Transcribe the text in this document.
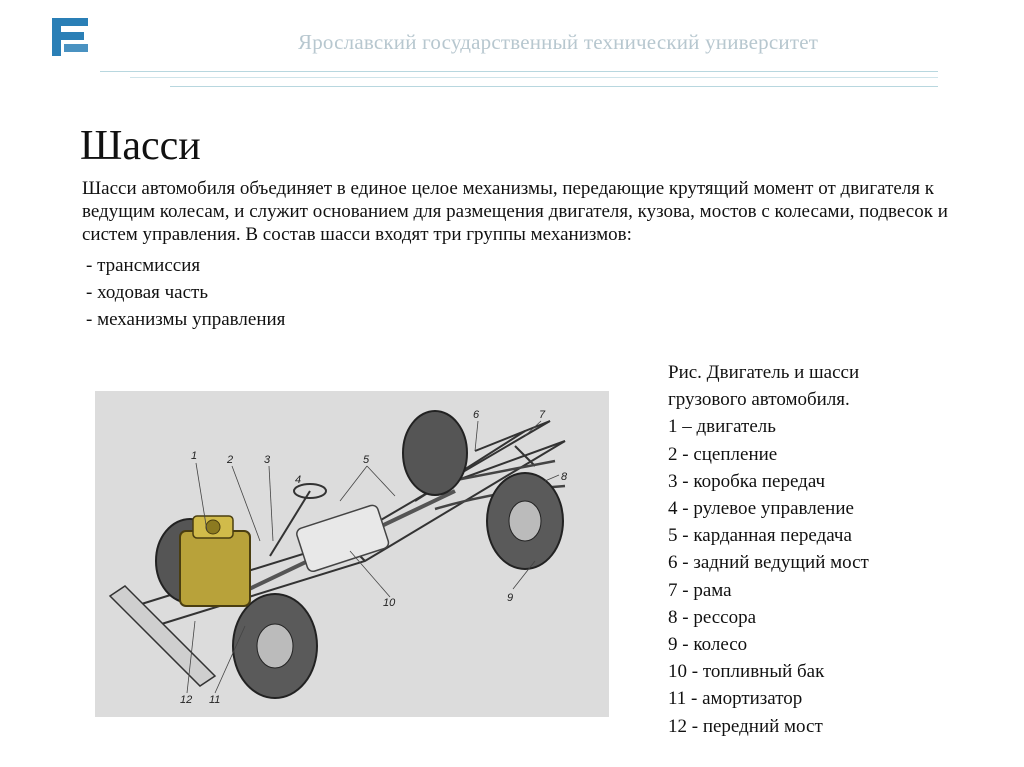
Ярославский государственный технический университет
Шасси

Шасси автомобиля объединяет в единое целое механизмы, передающие крутящий момент от двигателя к ведущим колесам, и служит основанием для размещения двигателя, кузова, мостов с колесами, подвесок и систем управления. В состав шасси входят три группы механизмов:

- трансмиссия
- ходовая часть
- механизмы управления
1	2	3
4
5
6	7
8
9
10
11
12
Рис. Двигатель и шасси
грузового автомобиля.
1 – двигатель
2 - сцепление
3 - коробка передач
4 - рулевое управление
5 - карданная передача
6 - задний ведущий мост
7 - рама
8 - рессора
9 - колесо
10 - топливный бак
11 - амортизатор
12 - передний мост
